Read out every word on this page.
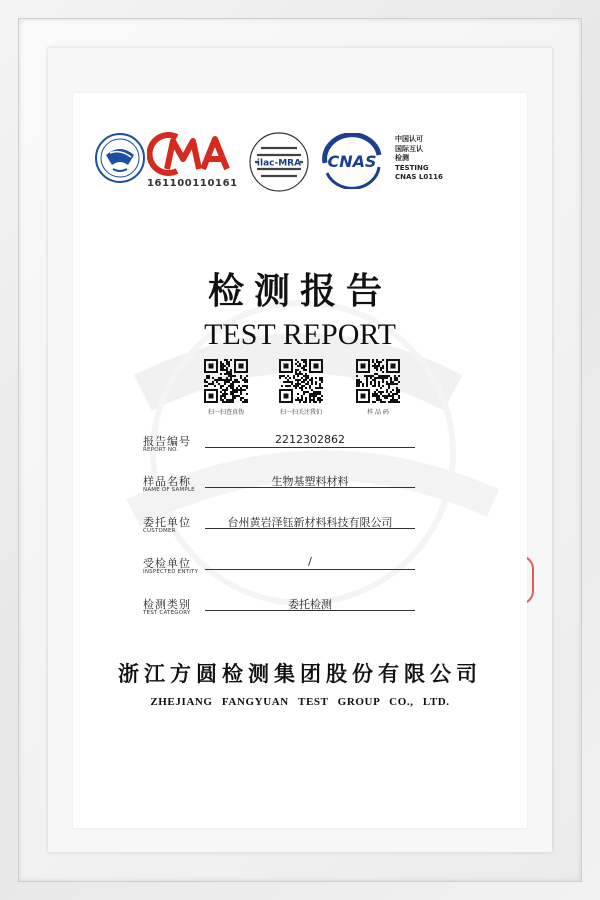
161100110161
ilac-MRA CNAS
中国认可
国际互认
检测
TESTING
CNAS L0116
检测报告
TEST REPORT
扫一扫查真伪	扫一扫关注我们	样 品 码
报告编号
REPORT NO.
2212302862
样品名称
NAME OF SAMPLE
生物基塑料材料
委托单位
CUSTOMER
台州黄岩泽钰新材料科技有限公司
受检单位
INSPECTED ENTITY
/
检测类别
TEST CATEGORY
委托检测
浙江方圆检测集团股份有限公司
ZHEJIANG FANGYUAN TEST GROUP CO., LTD.
